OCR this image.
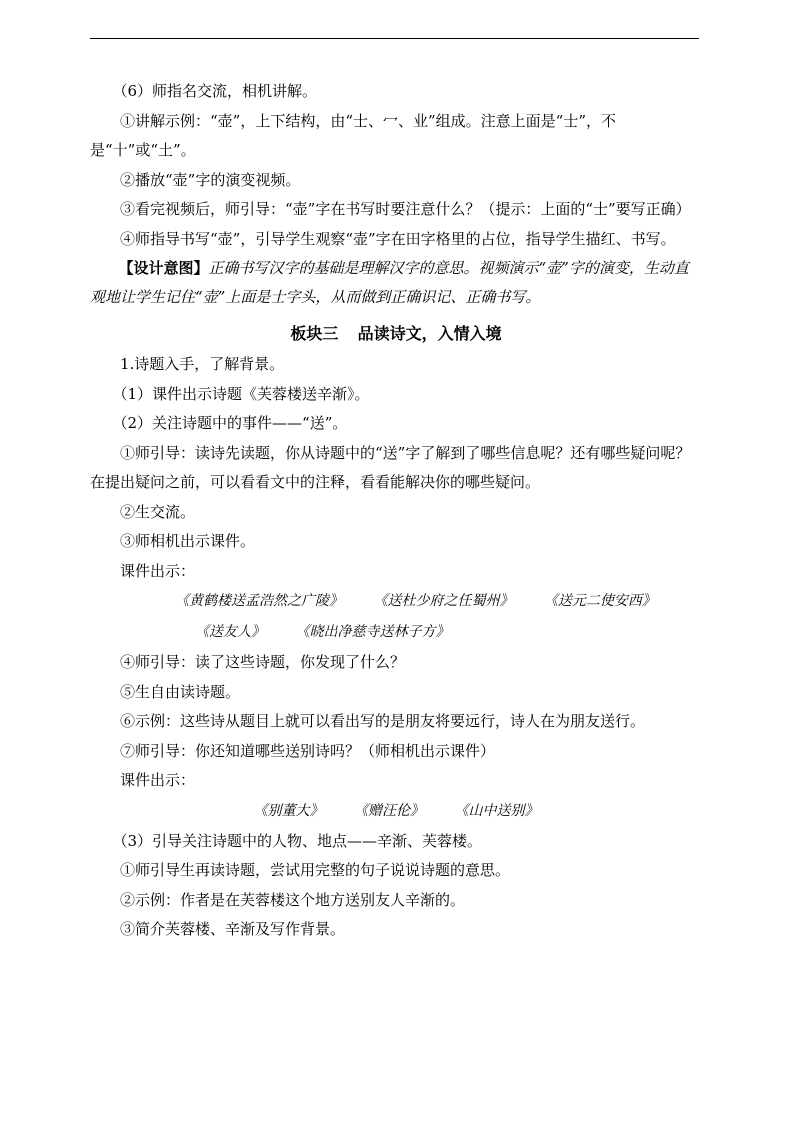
（6）师指名交流，相机讲解。

①讲解示例：“壶”，上下结构，由“士、冖、业”组成。注意上面是“士”，不是“十”或“土”。

②播放“壶”字的演变视频。

③看完视频后，师引导：“壶”字在书写时要注意什么？（提示：上面的“士”要写正确）

④师指导书写“壶”，引导学生观察“壶”字在田字格里的占位，指导学生描红、书写。

【设计意图】正确书写汉字的基础是理解汉字的意思。视频演示“壶”字的演变，生动直观地让学生记住“壶”上面是士字头，从而做到正确识记、正确书写。

板块三 品读诗文，入情入境

1.诗题入手，了解背景。

（1）课件出示诗题《芙蓉楼送辛渐》。

（2）关注诗题中的事件——“送”。

①师引导：读诗先读题，你从诗题中的“送”字了解到了哪些信息呢？还有哪些疑问呢？在提出疑问之前，可以看看文中的注释，看看能解决你的哪些疑问。

②生交流。

③师相机出示课件。

课件出示：

《黄鹤楼送孟浩然之广陵》 《送杜少府之任蜀州》 《送元二使安西》
《送友人》 《晓出净慈寺送林子方》

④师引导：读了这些诗题，你发现了什么？

⑤生自由读诗题。

⑥示例：这些诗从题目上就可以看出写的是朋友将要远行，诗人在为朋友送行。

⑦师引导：你还知道哪些送别诗吗？（师相机出示课件）

课件出示：

《别董大》 《赠汪伦》 《山中送别》

（3）引导关注诗题中的人物、地点——辛渐、芙蓉楼。

①师引导生再读诗题，尝试用完整的句子说说诗题的意思。

②示例：作者是在芙蓉楼这个地方送别友人辛渐的。

③简介芙蓉楼、辛渐及写作背景。
